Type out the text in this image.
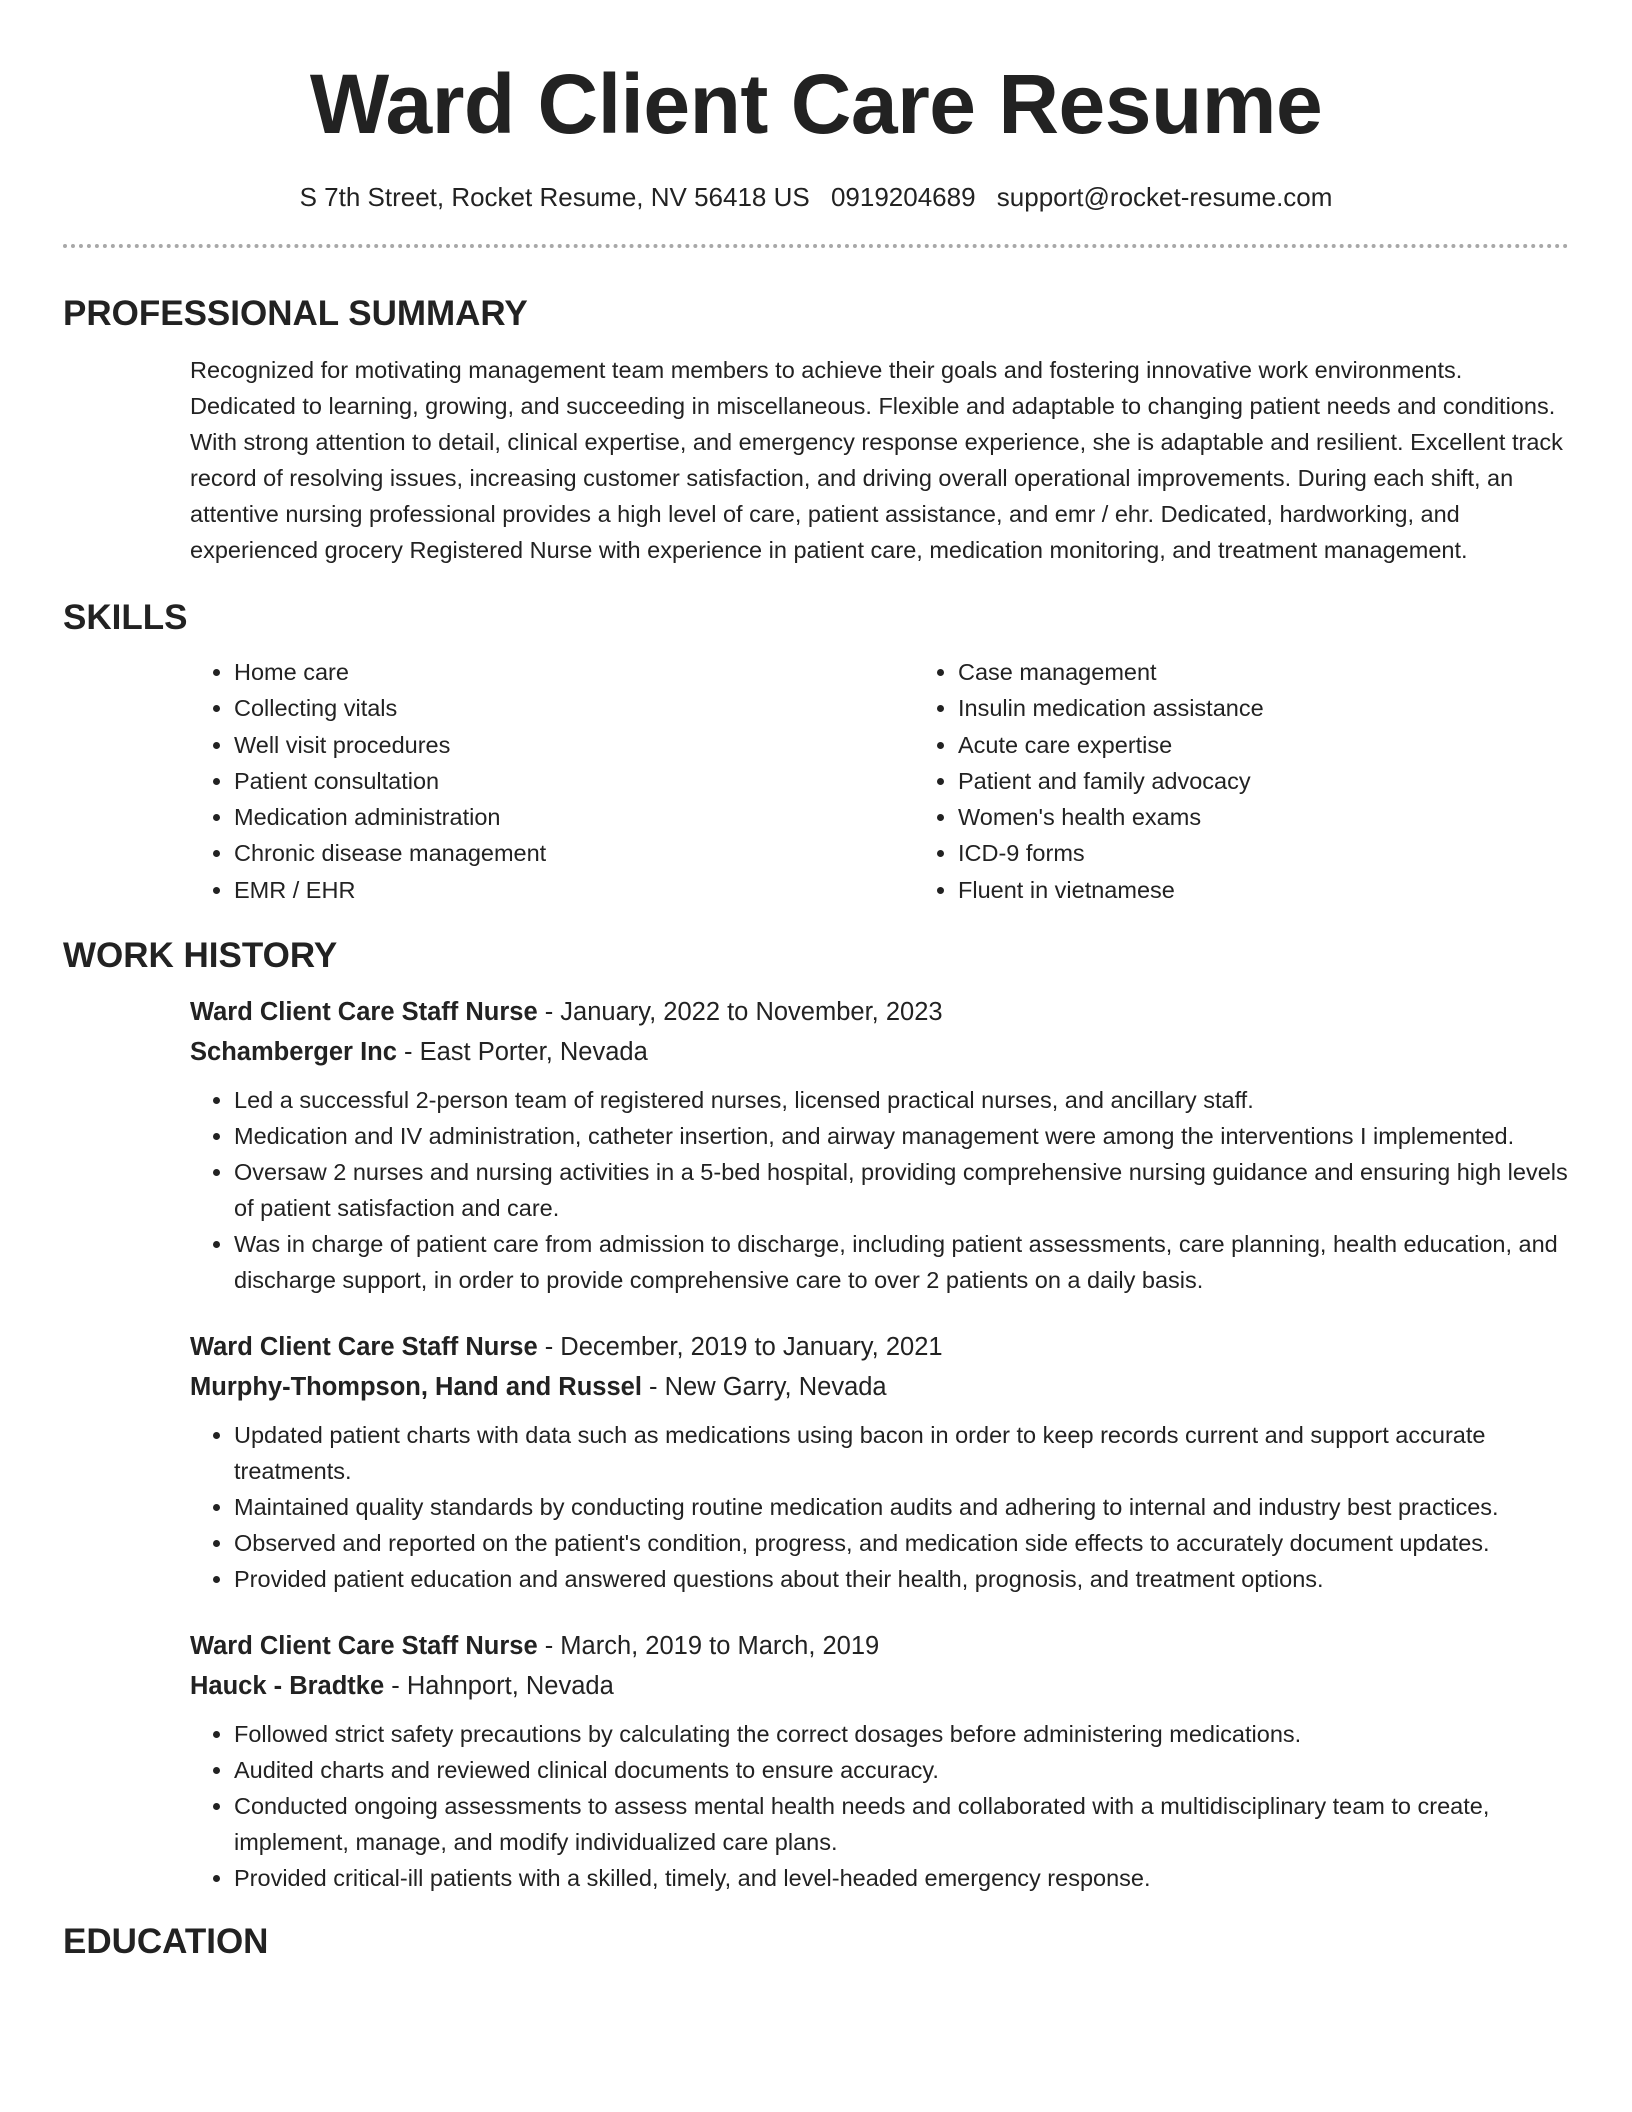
Ward Client Care Resume
S 7th Street, Rocket Resume, NV 56418 US 0919204689 support@rocket-resume.com
PROFESSIONAL SUMMARY

Recognized for motivating management team members to achieve their goals and fostering innovative work environments. Dedicated to learning, growing, and succeeding in miscellaneous. Flexible and adaptable to changing patient needs and conditions. With strong attention to detail, clinical expertise, and emergency response experience, she is adaptable and resilient. Excellent track record of resolving issues, increasing customer satisfaction, and driving overall operational improvements. During each shift, an attentive nursing professional provides a high level of care, patient assistance, and emr / ehr. Dedicated, hardworking, and experienced grocery Registered Nurse with experience in patient care, medication monitoring, and treatment management.

SKILLS
• Home care
• Collecting vitals
• Well visit procedures
• Patient consultation
• Medication administration
• Chronic disease management
• EMR / EHR
• Case management
• Insulin medication assistance
• Acute care expertise
• Patient and family advocacy
• Women's health exams
• ICD-9 forms
• Fluent in vietnamese
WORK HISTORY
Ward Client Care Staff Nurse - January, 2022 to November, 2023
Schamberger Inc - East Porter, Nevada
• Led a successful 2-person team of registered nurses, licensed practical nurses, and ancillary staff.
• Medication and IV administration, catheter insertion, and airway management were among the interventions I implemented.
• Oversaw 2 nurses and nursing activities in a 5-bed hospital, providing comprehensive nursing guidance and ensuring high levels of patient satisfaction and care.
• Was in charge of patient care from admission to discharge, including patient assessments, care planning, health education, and discharge support, in order to provide comprehensive care to over 2 patients on a daily basis.
Ward Client Care Staff Nurse - December, 2019 to January, 2021
Murphy-Thompson, Hand and Russel - New Garry, Nevada
• Updated patient charts with data such as medications using bacon in order to keep records current and support accurate treatments.
• Maintained quality standards by conducting routine medication audits and adhering to internal and industry best practices.
• Observed and reported on the patient's condition, progress, and medication side effects to accurately document updates.
• Provided patient education and answered questions about their health, prognosis, and treatment options.
Ward Client Care Staff Nurse - March, 2019 to March, 2019
Hauck - Bradtke - Hahnport, Nevada
• Followed strict safety precautions by calculating the correct dosages before administering medications.
• Audited charts and reviewed clinical documents to ensure accuracy.
• Conducted ongoing assessments to assess mental health needs and collaborated with a multidisciplinary team to create, implement, manage, and modify individualized care plans.
• Provided critical-ill patients with a skilled, timely, and level-headed emergency response.
EDUCATION
